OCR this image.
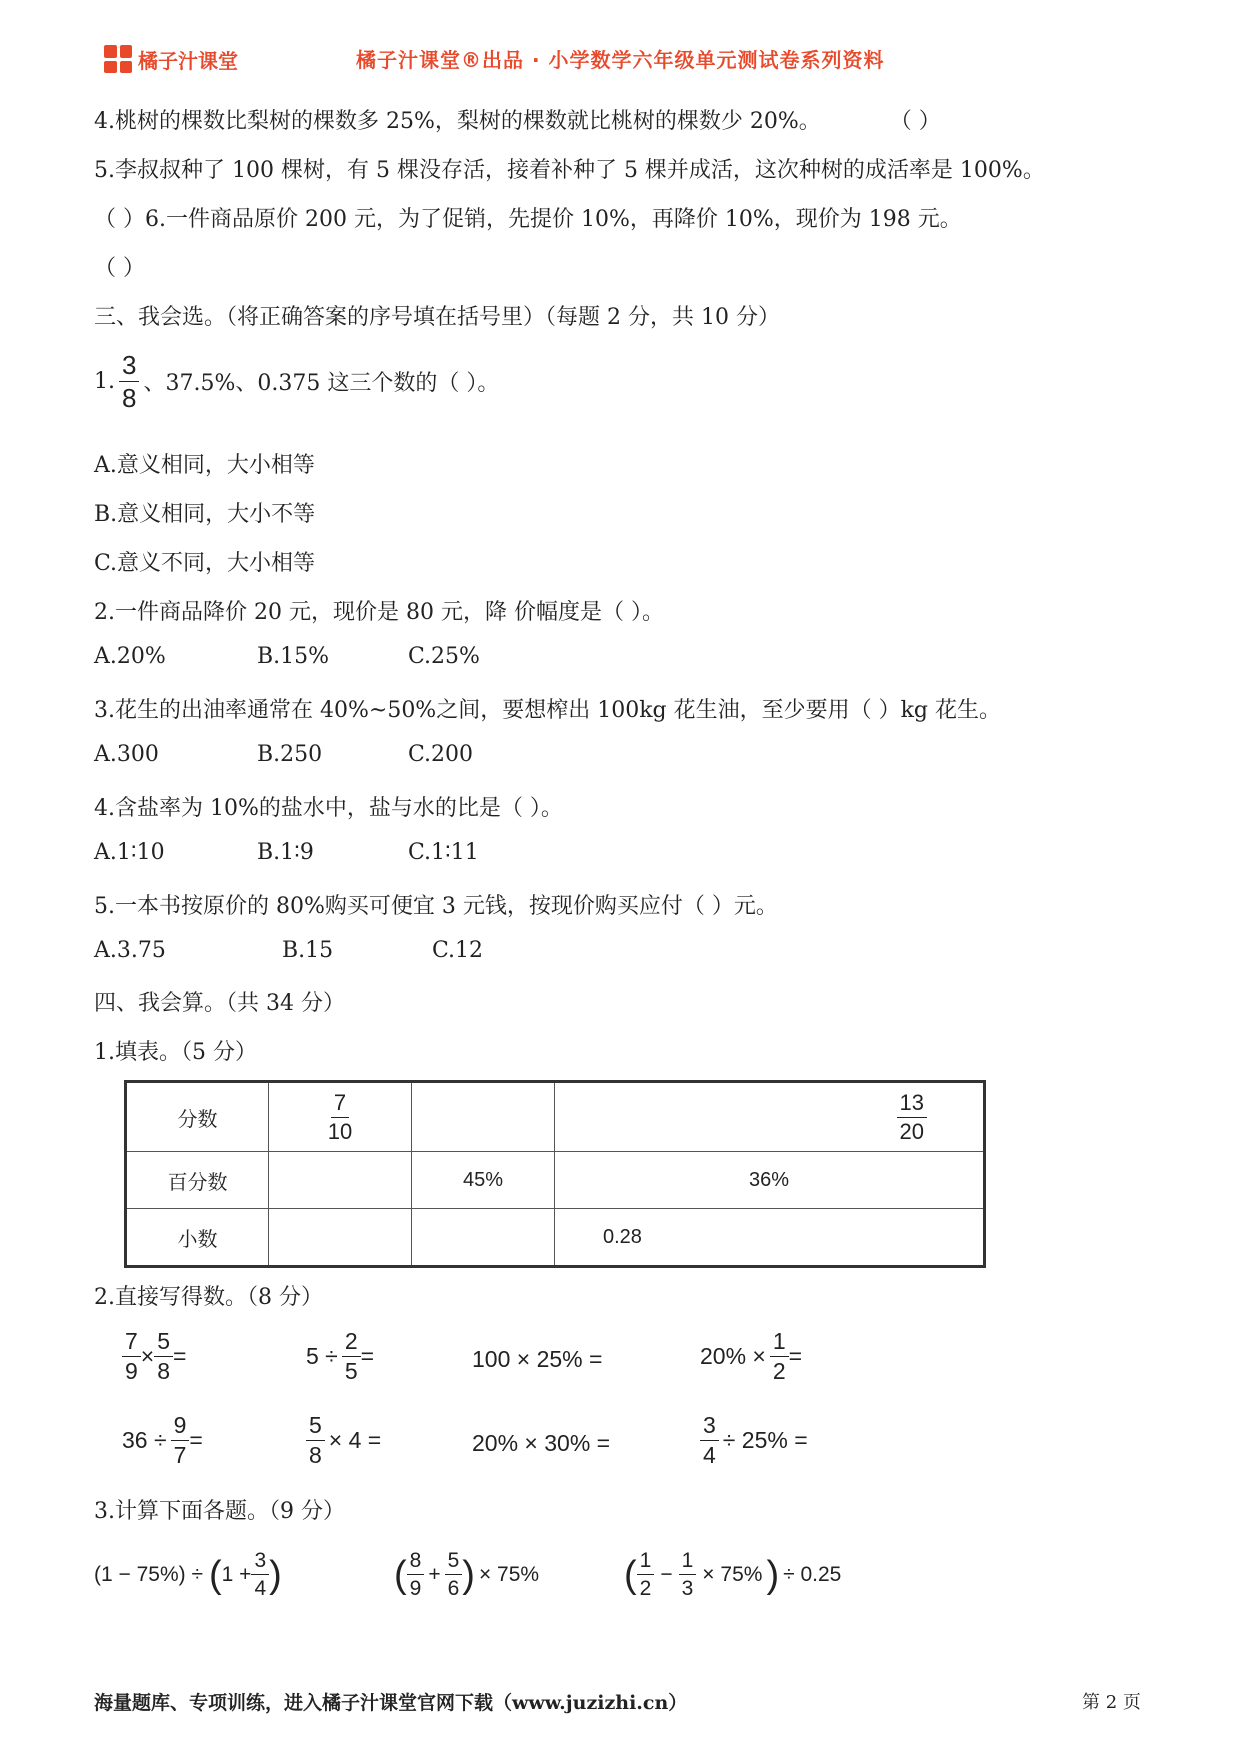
橘子汁课堂	橘子汁课堂®出品 · 小学数学六年级单元测试卷系列资料
4.桃树的棵数比梨树的棵数多 25%，梨树的棵数就比桃树的棵数少 20%。	（ ）
5.李叔叔种了 100 棵树，有 5 棵没存活，接着补种了 5 棵并成活，这次种树的成活率是 100%。
（ ）6.一件商品原价 200 元，为了促销，先提价 10%，再降价 10%，现价为 198 元。
（ ）
三、我会选。（将正确答案的序号填在括号里）（每题 2 分，共 10 分）
1. $\frac{3}{8}$ 、37.5%、0.375 这三个数的（ ）。
A.意义相同，大小相等
B.意义相同，大小不等
C.意义不同，大小相等
2.一件商品降价 20 元，现价是 80 元，降 价幅度是（ ）。
A.20%	B.15%	C.25%
3.花生的出油率通常在 40%~50%之间，要想榨出 100kg 花生油，至少要用（ ）kg 花生。
A.300	B.250	C.200
4.含盐率为 10%的盐水中，盐与水的比是（ ）。
A.1∶10	B.1∶9	C.1∶11
5.一本书按原价的 80%购买可便宜 3 元钱，按现价购买应付（ ）元。
A.3.75	B.15	C.12
四、我会算。（共 34 分）
1.填表。（5 分）
分数	$\frac{7}{10}$		$\frac{13}{20}$

百分数		45%	36%
小数			0.28
2.直接写得数。（8 分）
$\frac{7}{9} \times \frac{5}{8}$ =	$5 \div \frac{2}{5}$ =	100 × 25% =	$20\% \times \frac{1}{2}$ =
$36 \div \frac{9}{7}$ =	$\frac{5}{8} \times 4$ =	20% × 30% =	$\frac{3}{4} \div 25\%$ =
3.计算下面各题。（9 分）
(1 − 75%) ÷ ( $1 + \frac{3}{4}$ )	( $\frac{8}{9} + \frac{5}{6}$ ) × 75% ( $\frac{1}{2} - \frac{1}{3} \times 75\%$ ) ÷ 0.25
海量题库、专项训练，进入橘子汁课堂官网下载（www.juzizhi.cn）	第 2 页
